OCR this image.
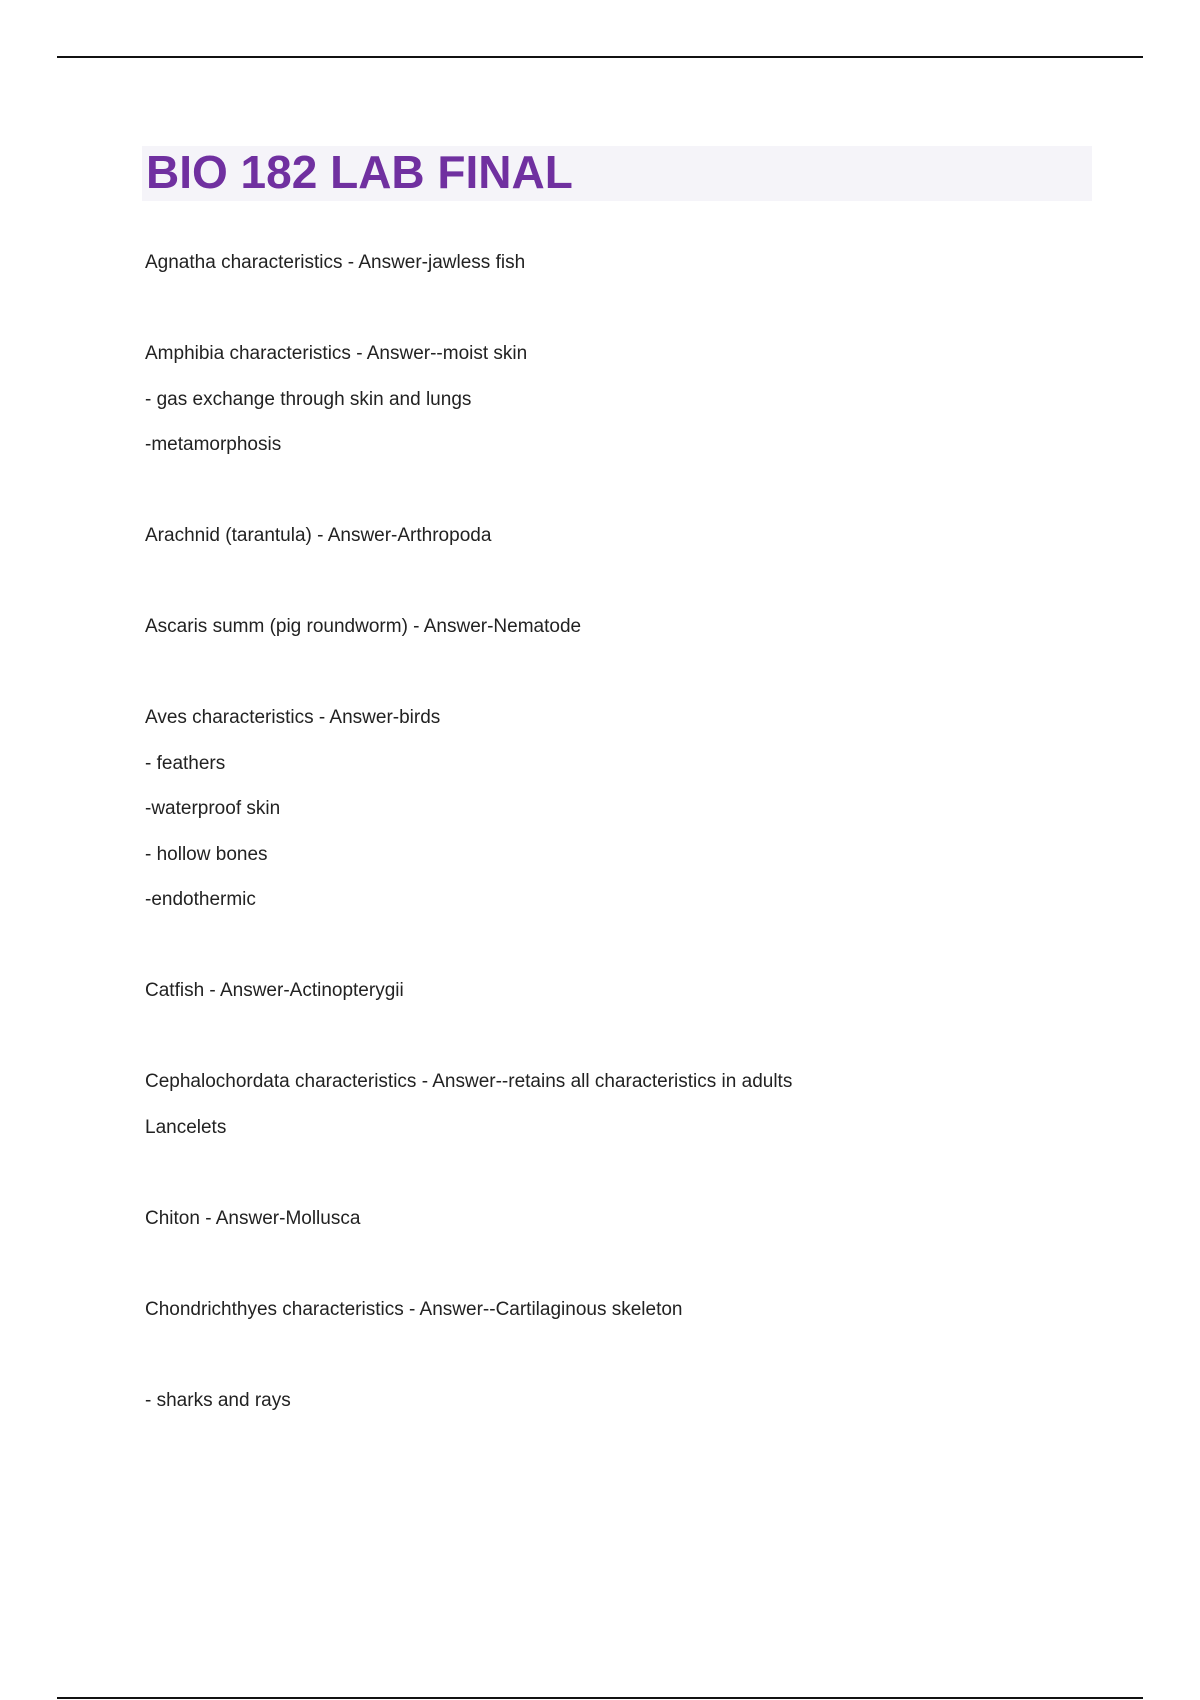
BIO 182 LAB FINAL
Agnatha characteristics - Answer-jawless fish
Amphibia characteristics - Answer--moist skin
- gas exchange through skin and lungs
-metamorphosis
Arachnid (tarantula) - Answer-Arthropoda
Ascaris summ (pig roundworm) - Answer-Nematode
Aves characteristics - Answer-birds
- feathers
-waterproof skin
- hollow bones
-endothermic
Catfish - Answer-Actinopterygii
Cephalochordata characteristics - Answer--retains all characteristics in adults
Lancelets
Chiton - Answer-Mollusca
Chondrichthyes characteristics - Answer--Cartilaginous skeleton
- sharks and rays
